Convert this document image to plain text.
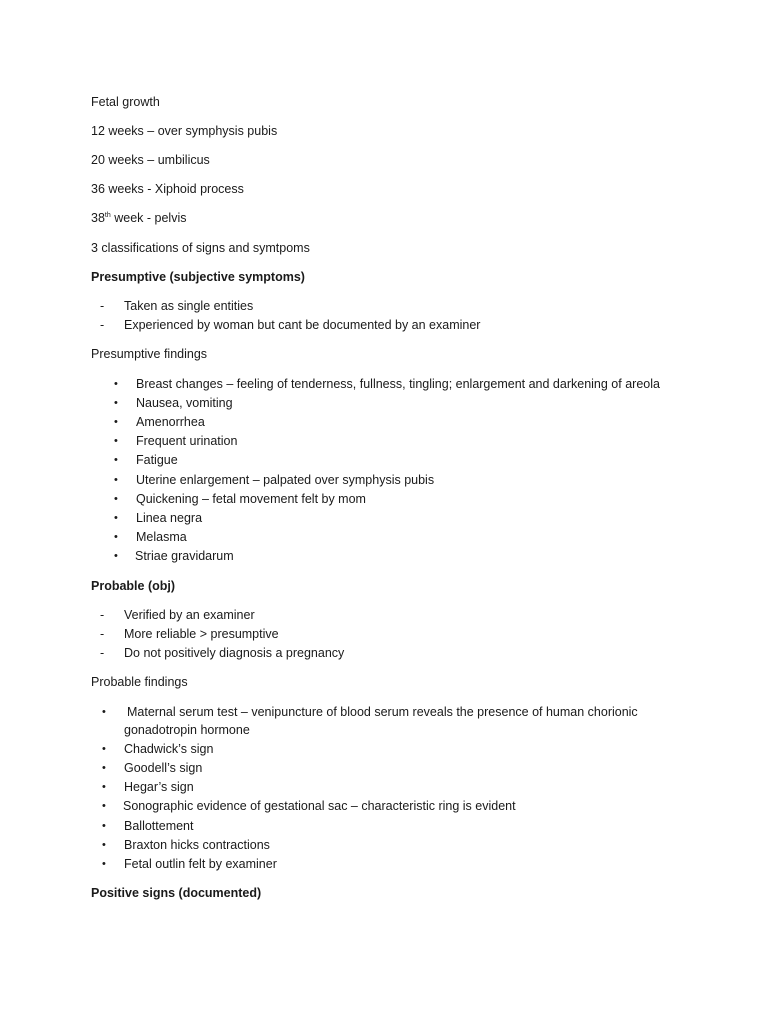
Fetal growth
12 weeks – over symphysis pubis
20 weeks – umbilicus
36 weeks - Xiphoid process
38th week - pelvis
3 classifications of signs and symtpoms
Presumptive (subjective symptoms)
- Taken as single entities
- Experienced by woman but cant be documented by an examiner
Presumptive findings
• Breast changes – feeling of tenderness, fullness, tingling; enlargement and darkening of areola
• Nausea, vomiting
• Amenorrhea
• Frequent urination
• Fatigue
• Uterine enlargement – palpated over symphysis pubis
• Quickening – fetal movement felt by mom
• Linea negra
• Melasma
• Striae gravidarum
Probable (obj)
- Verified by an examiner
- More reliable > presumptive
- Do not positively diagnosis a pregnancy
Probable findings
• Maternal serum test – venipuncture of blood serum reveals the presence of human chorionic
gonadotropin hormone
• Chadwick’s sign
• Goodell’s sign
• Hegar’s sign
• Sonographic evidence of gestational sac – characteristic ring is evident
• Ballottement
• Braxton hicks contractions
• Fetal outlin felt by examiner
Positive signs (documented)
